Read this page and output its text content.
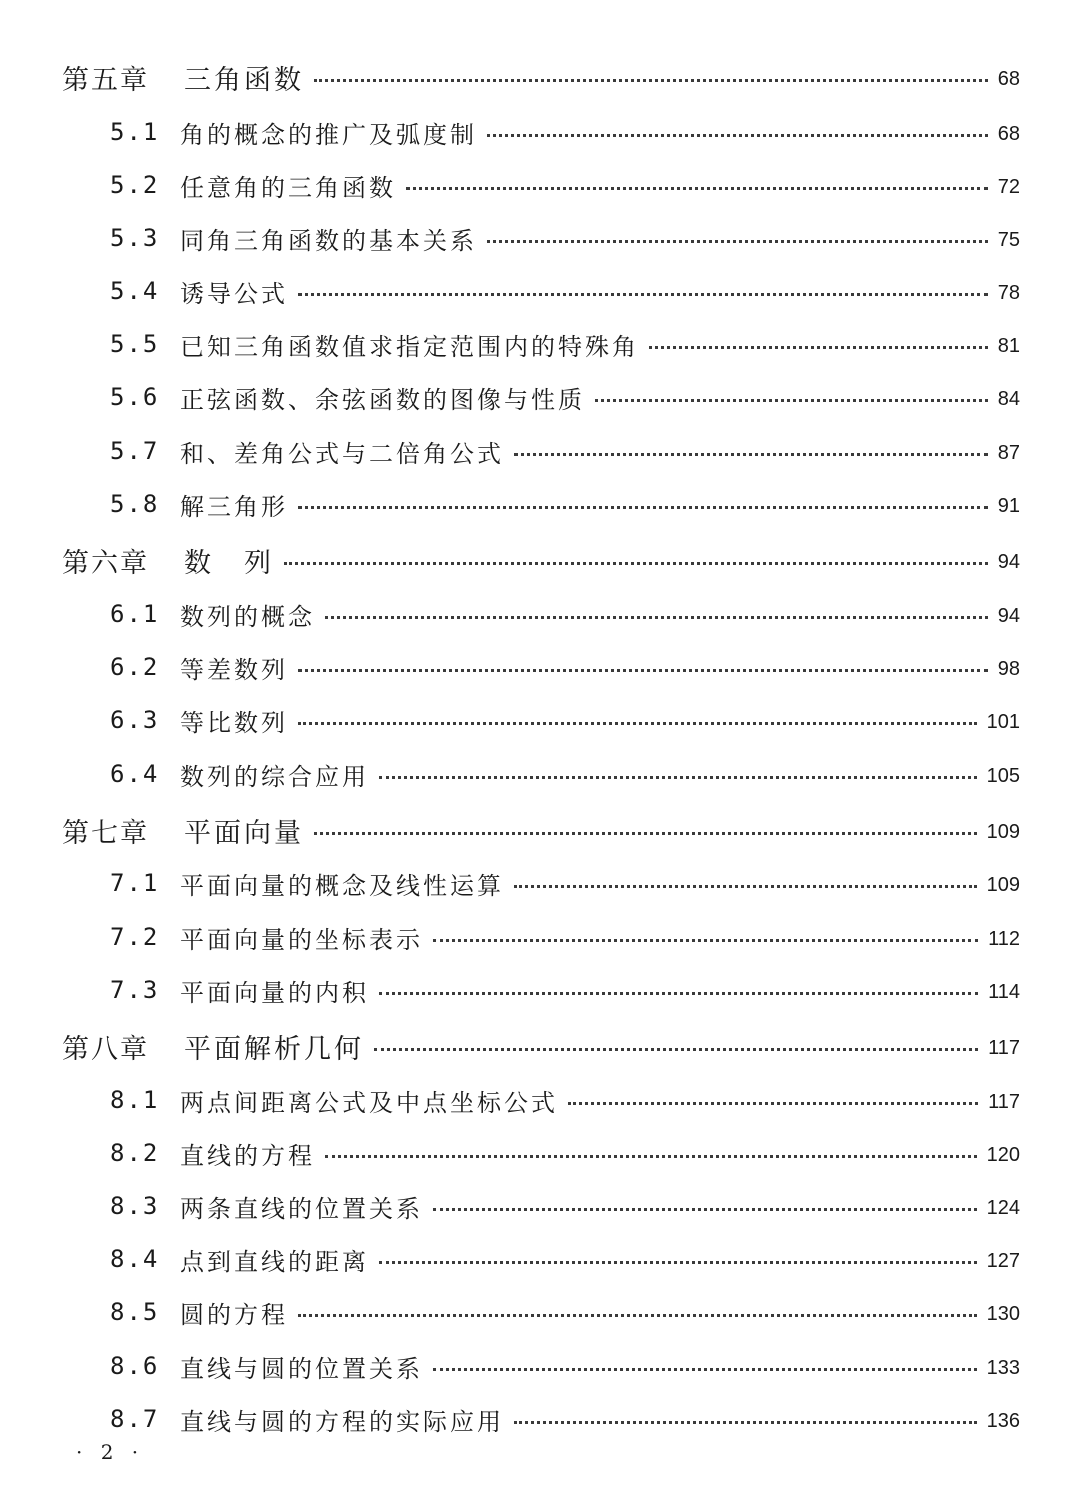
第五章 三角函数	68
5.1 角的概念的推广及弧度制	68
5.2 任意角的三角函数	72
5.3 同角三角函数的基本关系	75
5.4 诱导公式	78
5.5 已知三角函数值求指定范围内的特殊角	81
5.6 正弦函数、余弦函数的图像与性质	84
5.7 和、差角公式与二倍角公式	87
5.8 解三角形	91
第六章 数　列	94
6.1 数列的概念	94
6.2 等差数列	98
6.3 等比数列	101
6.4 数列的综合应用	105
第七章 平面向量	109
7.1 平面向量的概念及线性运算	109
7.2 平面向量的坐标表示	112
7.3 平面向量的内积	114
第八章 平面解析几何	117
8.1 两点间距离公式及中点坐标公式	117
8.2 直线的方程	120
8.3 两条直线的位置关系	124
8.4 点到直线的距离	127
8.5 圆的方程	130
8.6 直线与圆的位置关系	133
8.7 直线与圆的方程的实际应用	136
· 2 ·
